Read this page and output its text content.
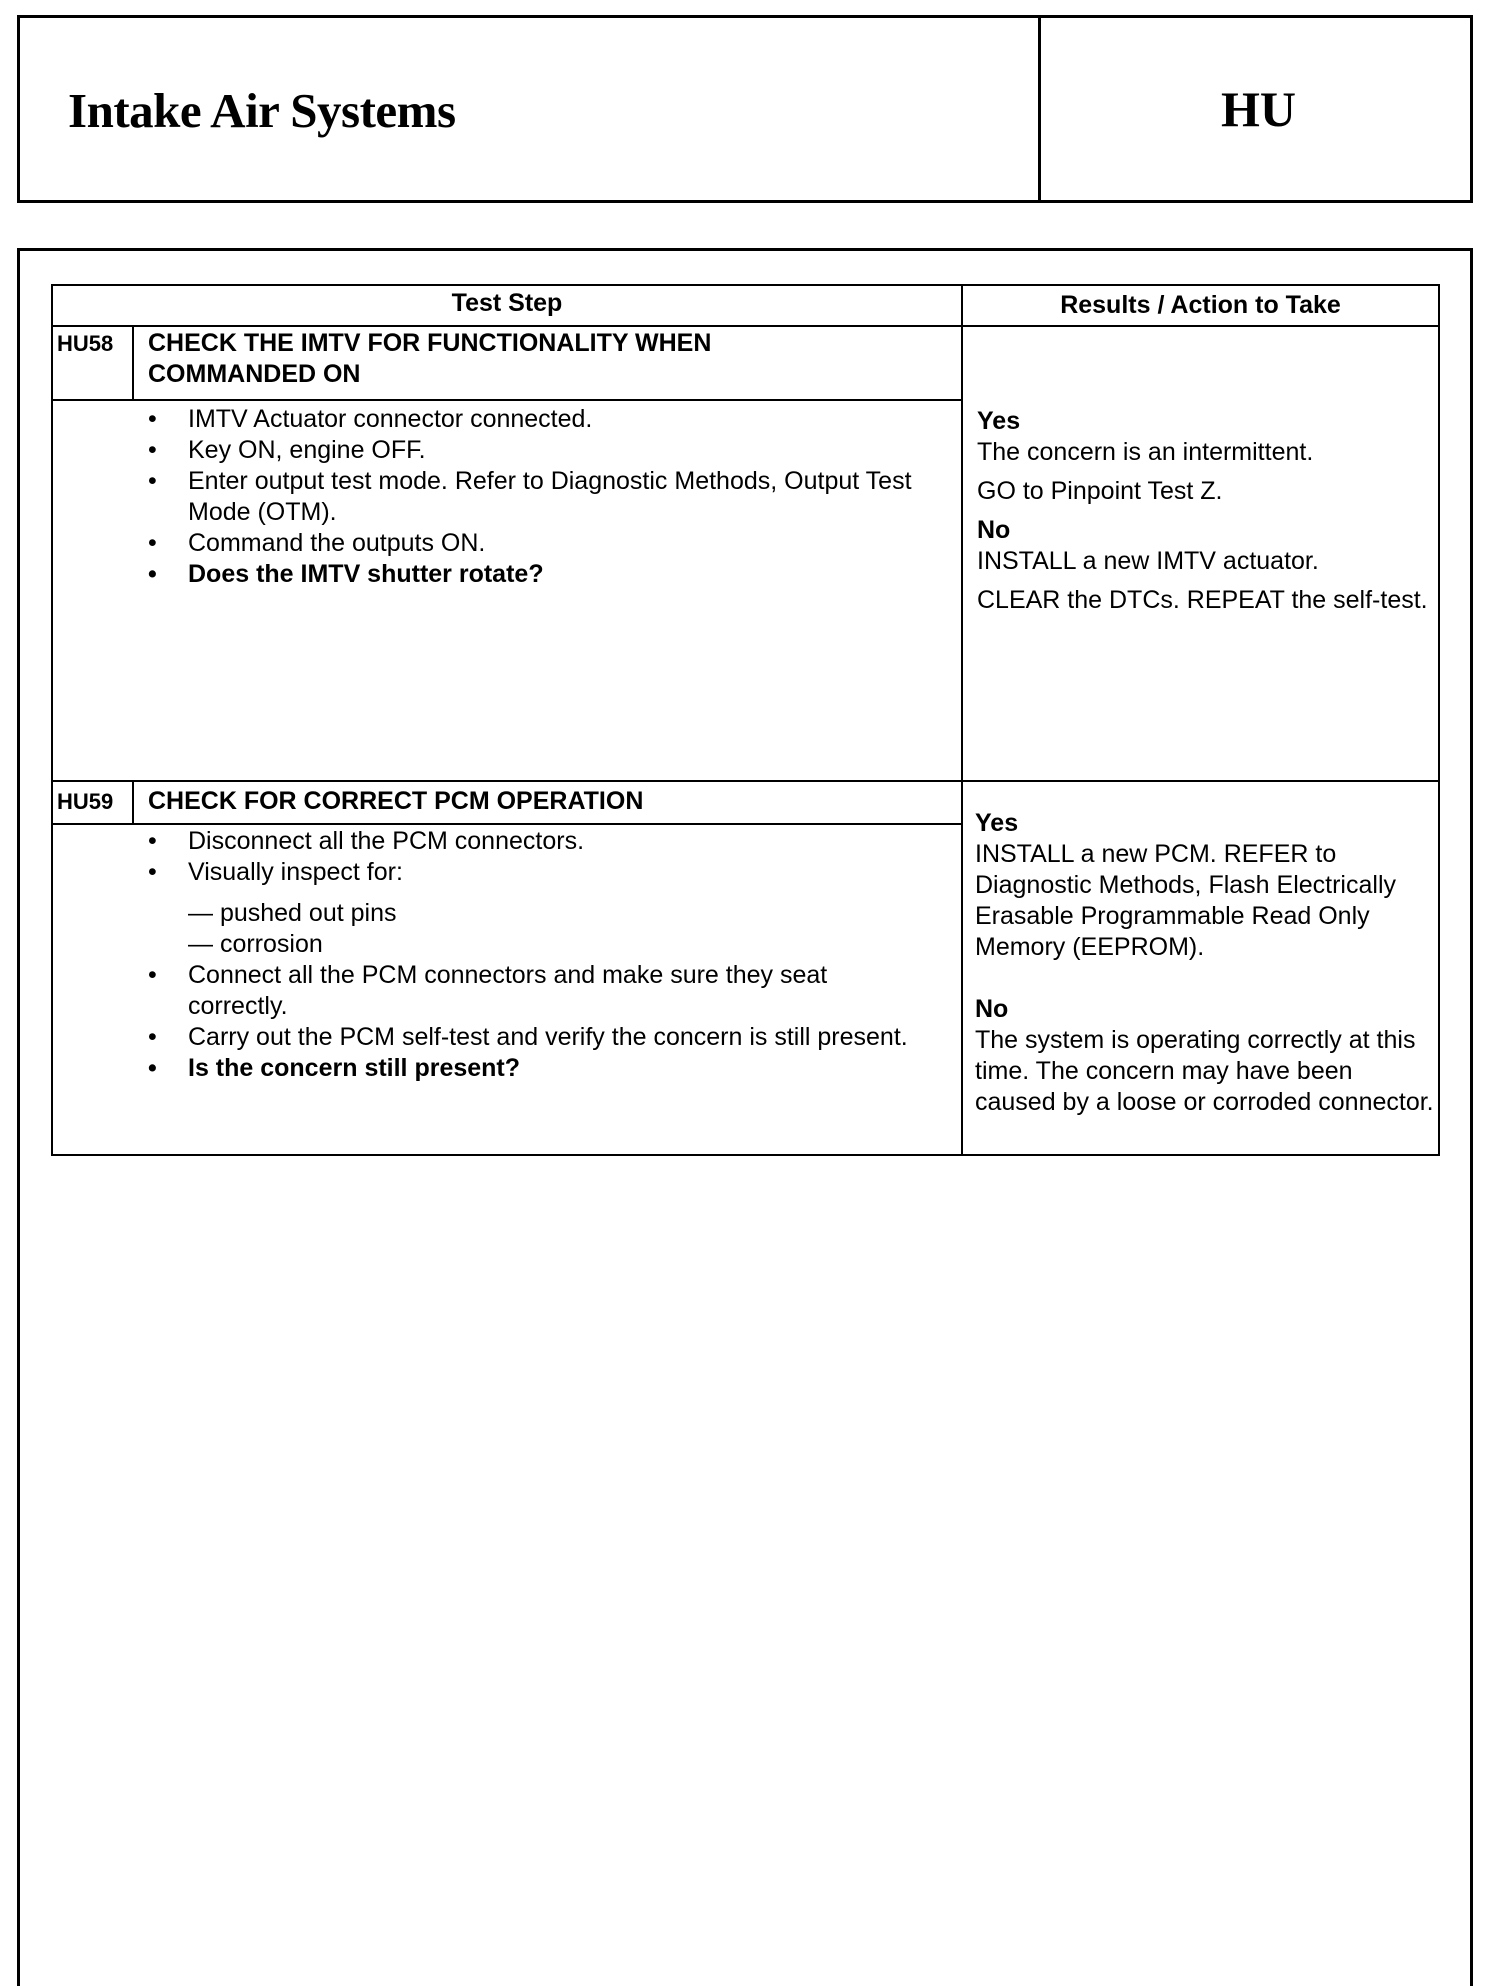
Intake Air Systems	HU
Test Step	Results / Action to Take
HU58 CHECK THE IMTV FOR FUNCTIONALITY WHEN COMMANDED ON
• IMTV Actuator connector connected.
• Key ON, engine OFF.
• Enter output test mode. Refer to Diagnostic Methods, Output Test Mode (OTM).
• Command the outputs ON.
• Does the IMTV shutter rotate?

Yes

The concern is an intermittent.

GO to Pinpoint Test Z.

No

INSTALL a new IMTV actuator.

CLEAR the DTCs. REPEAT the self-test.

HU59 CHECK FOR CORRECT PCM OPERATION
• Disconnect all the PCM connectors.
• Visually inspect for:
— pushed out pins
— corrosion
• Connect all the PCM connectors and make sure they seat correctly.
• Carry out the PCM self-test and verify the concern is still present.
• Is the concern still present?

Yes

INSTALL a new PCM. REFER to Diagnostic Methods, Flash Electrically Erasable Programmable Read Only Memory (EEPROM).

No

The system is operating correctly at this time. The concern may have been caused by a loose or corroded connector.
